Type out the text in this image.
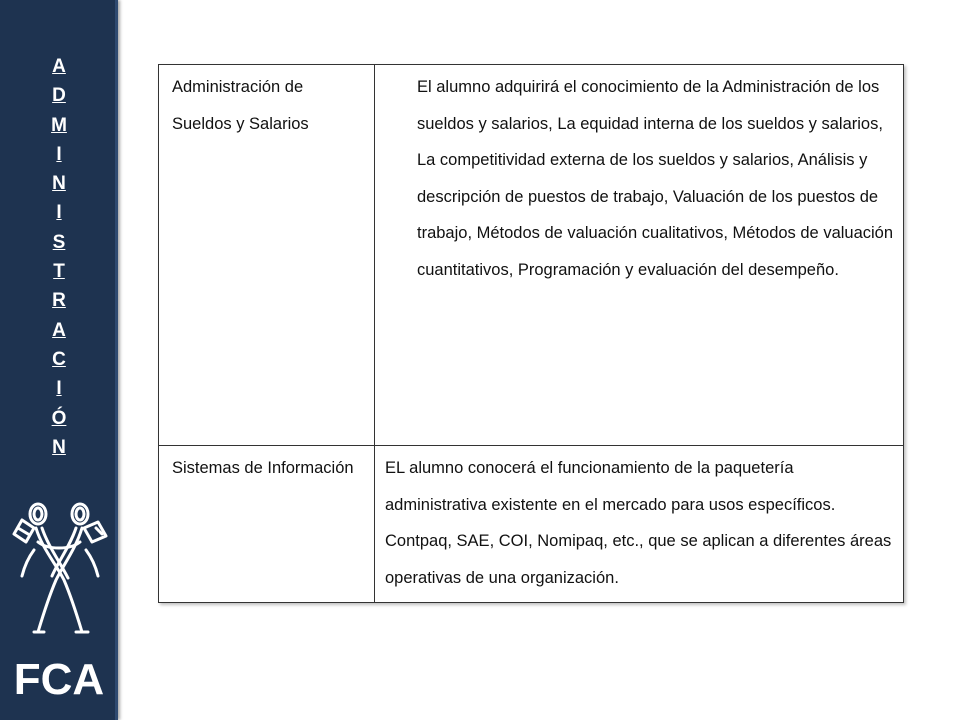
A
D
M
I
N
I
S
T
R
A
C
I
Ó
N
FCA
Administración de Sueldos y Salarios	El alumno adquirirá el conocimiento de la Administración de los sueldos y salarios, La equidad interna de los sueldos y salarios, La competitividad externa de los sueldos y salarios, Análisis y descripción de puestos de trabajo, Valuación de los puestos de trabajo, Métodos de valuación cualitativos, Métodos de valuación cuantitativos, Programación y evaluación del desempeño.
Sistemas de Información	EL alumno conocerá el funcionamiento de la paquetería administrativa existente en el mercado para usos específicos. Contpaq, SAE, COI, Nomipaq, etc., que se aplican a diferentes áreas operativas de una organización.
